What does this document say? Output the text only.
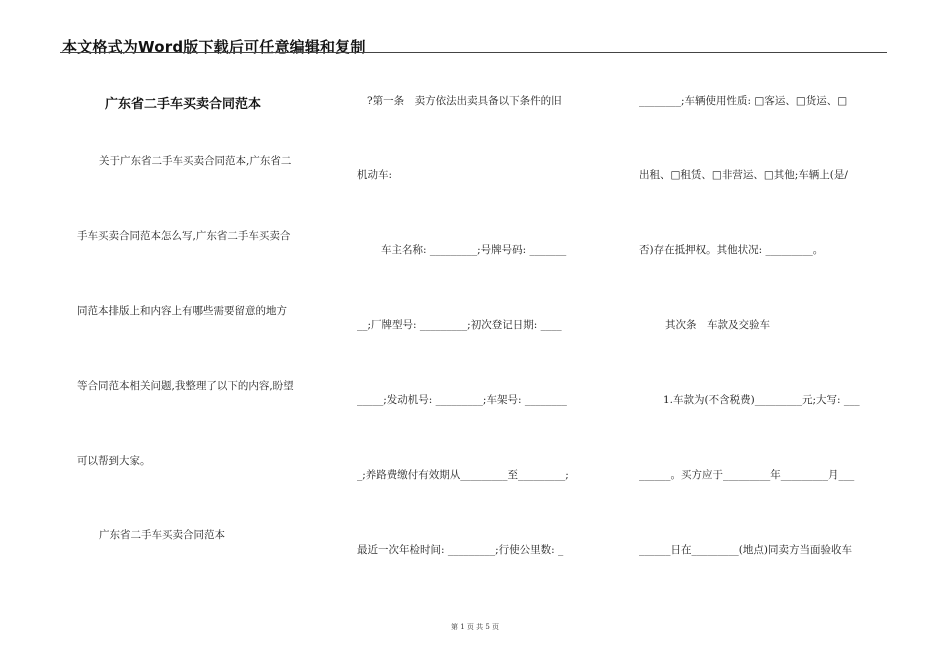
本文格式为Word版下载后可任意编辑和复制
广东省二手车买卖合同范本
关于广东省二手车买卖合同范本,广东省二
手车买卖合同范本怎么写,广东省二手车买卖合
同范本排版上和内容上有哪些需要留意的地方
等合同范本相关问题,我整理了以下的内容,盼望
可以帮到大家。
广东省二手车买卖合同范本
?第一条　卖方依法出卖具备以下条件的旧
机动车:
车主名称: _________;号牌号码: _______
__;厂牌型号: _________;初次登记日期: ____
_____;发动机号: _________;车架号: ________
_;养路费缴付有效期从_________至_________;
最近一次年检时间: _________;行使公里数: _
________;车辆使用性质: □客运、□货运、□
出租、□租赁、□非营运、□其他;车辆上(是/
否)存在抵押权。其他状况: _________。
其次条　车款及交验车
1.车款为(不含税费)_________元;大写: ___
______。买方应于_________年_________月___
______日在_________(地点)同卖方当面验收车
第 1 页 共 5 页
